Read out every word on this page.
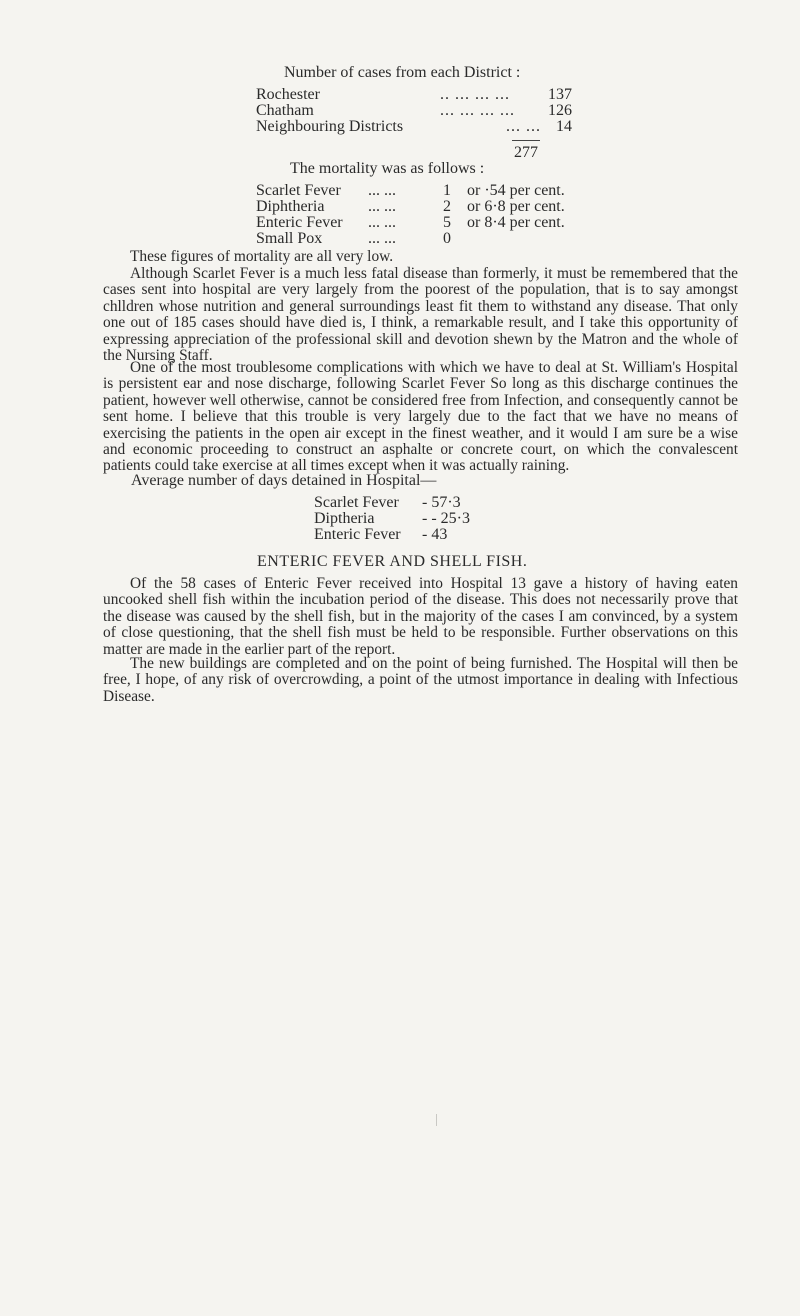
Number of cases from each District :
Rochester	.. ... ... ...	137
Chatham	... ... ... ...	126
Neighbouring Districts	... ... 14
277
The mortality was as follows :
Scarlet Fever ... ...	1	or ·54 per cent.
Diphtheria	... ...	2	or 6·8 per cent.
Enteric Fever ... ...	5	or 8·4 per cent.
Small Pox	... ...	0
These figures of mortality are all very low.
Although Scarlet Fever is a much less fatal disease than formerly, it must be remembered that the cases sent into hospital are very largely from the poorest of the population, that is to say amongst chlldren whose nutrition and general surroundings least fit them to withstand any disease. That only one out of 185 cases should have died is, I think, a remarkable result, and I take this opportunity of expressing appreciation of the professional skill and devotion shewn by the Matron and the whole of the Nursing Staff.
One of the most troublesome complications with which we have to deal at St. William's Hospital is persistent ear and nose discharge, following Scarlet Fever So long as this discharge continues the patient, however well otherwise, cannot be considered free from Infection, and consequently cannot be sent home. I believe that this trouble is very largely due to the fact that we have no means of exercising the patients in the open air except in the finest weather, and it would I am sure be a wise and economic proceeding to construct an asphalte or concrete court, on which the convalescent patients could take exercise at all times except when it was actually raining.
Average number of days detained in Hospital—
Scarlet Fever - 57·3
Diptheria	- - 25·3
Enteric Fever - 43
ENTERIC FEVER AND SHELL FISH.
Of the 58 cases of Enteric Fever received into Hospital 13 gave a history of having eaten uncooked shell fish within the incubation period of the disease. This does not necessarily prove that the disease was caused by the shell fish, but in the majority of the cases I am convinced, by a system of close questioning, that the shell fish must be held to be responsible. Further observations on this matter are made in the earlier part of the report.
The new buildings are completed and on the point of being furnished. The Hospital will then be free, I hope, of any risk of overcrowding, a point of the utmost importance in dealing with Infectious Disease.
